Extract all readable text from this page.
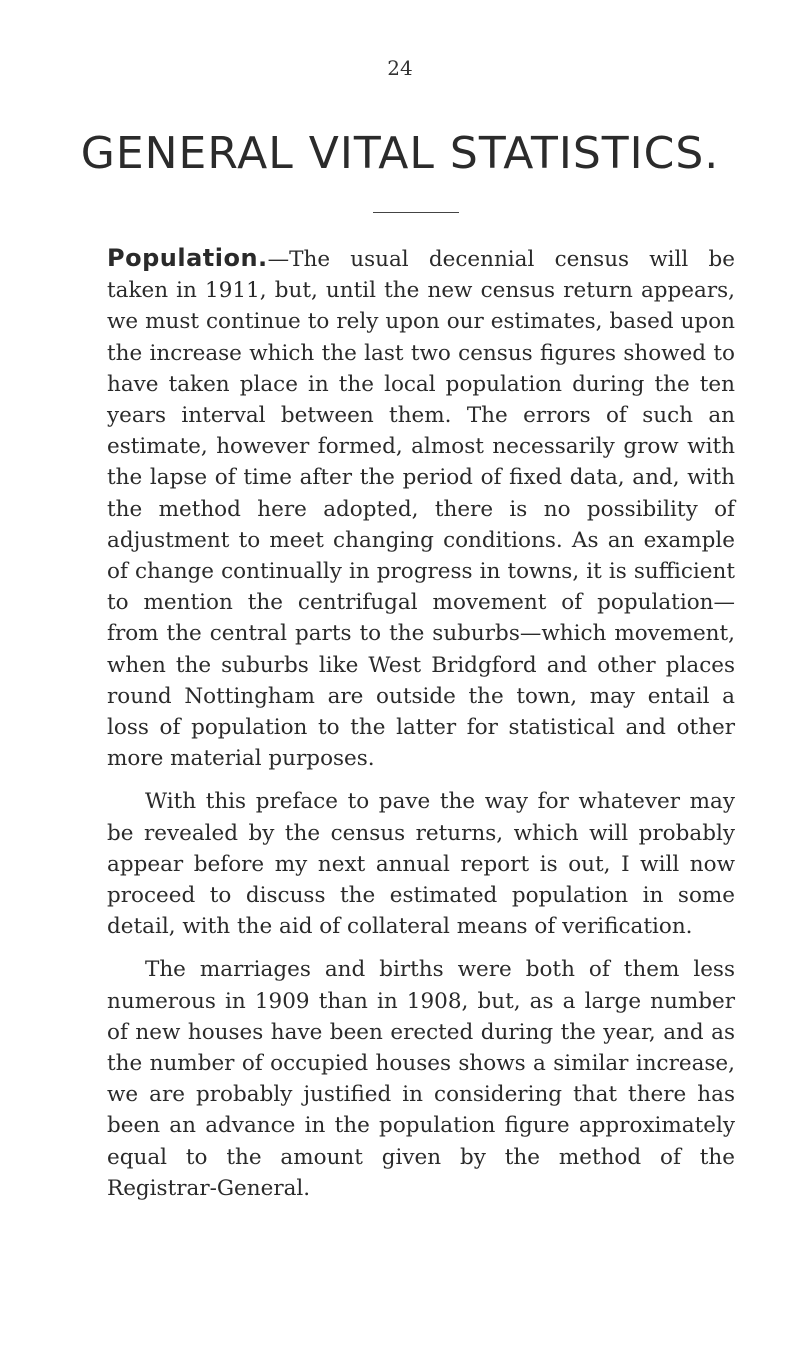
24
GENERAL VITAL STATISTICS.

Population.—The usual decennial census will be taken in 1911, but, until the new census return appears, we must continue to rely upon our estimates, based upon the increase which the last two census figures showed to have taken place in the local population during the ten years interval between them. The errors of such an estimate, however formed, almost necessarily grow with the lapse of time after the period of fixed data, and, with the method here adopted, there is no possibility of adjustment to meet changing conditions. As an example of change continually in progress in towns, it is sufficient to mention the centrifugal movement of population—from the central parts to the suburbs—which movement, when the suburbs like West Bridgford and other places round Nottingham are outside the town, may entail a loss of population to the latter for statistical and other more material purposes.

With this preface to pave the way for whatever may be revealed by the census returns, which will probably appear before my next annual report is out, I will now proceed to discuss the estimated population in some detail, with the aid of collateral means of verification.

The marriages and births were both of them less numerous in 1909 than in 1908, but, as a large number of new houses have been erected during the year, and as the number of occupied houses shows a similar increase, we are probably justified in considering that there has been an advance in the population figure approximately equal to the amount given by the method of the Registrar-General.
